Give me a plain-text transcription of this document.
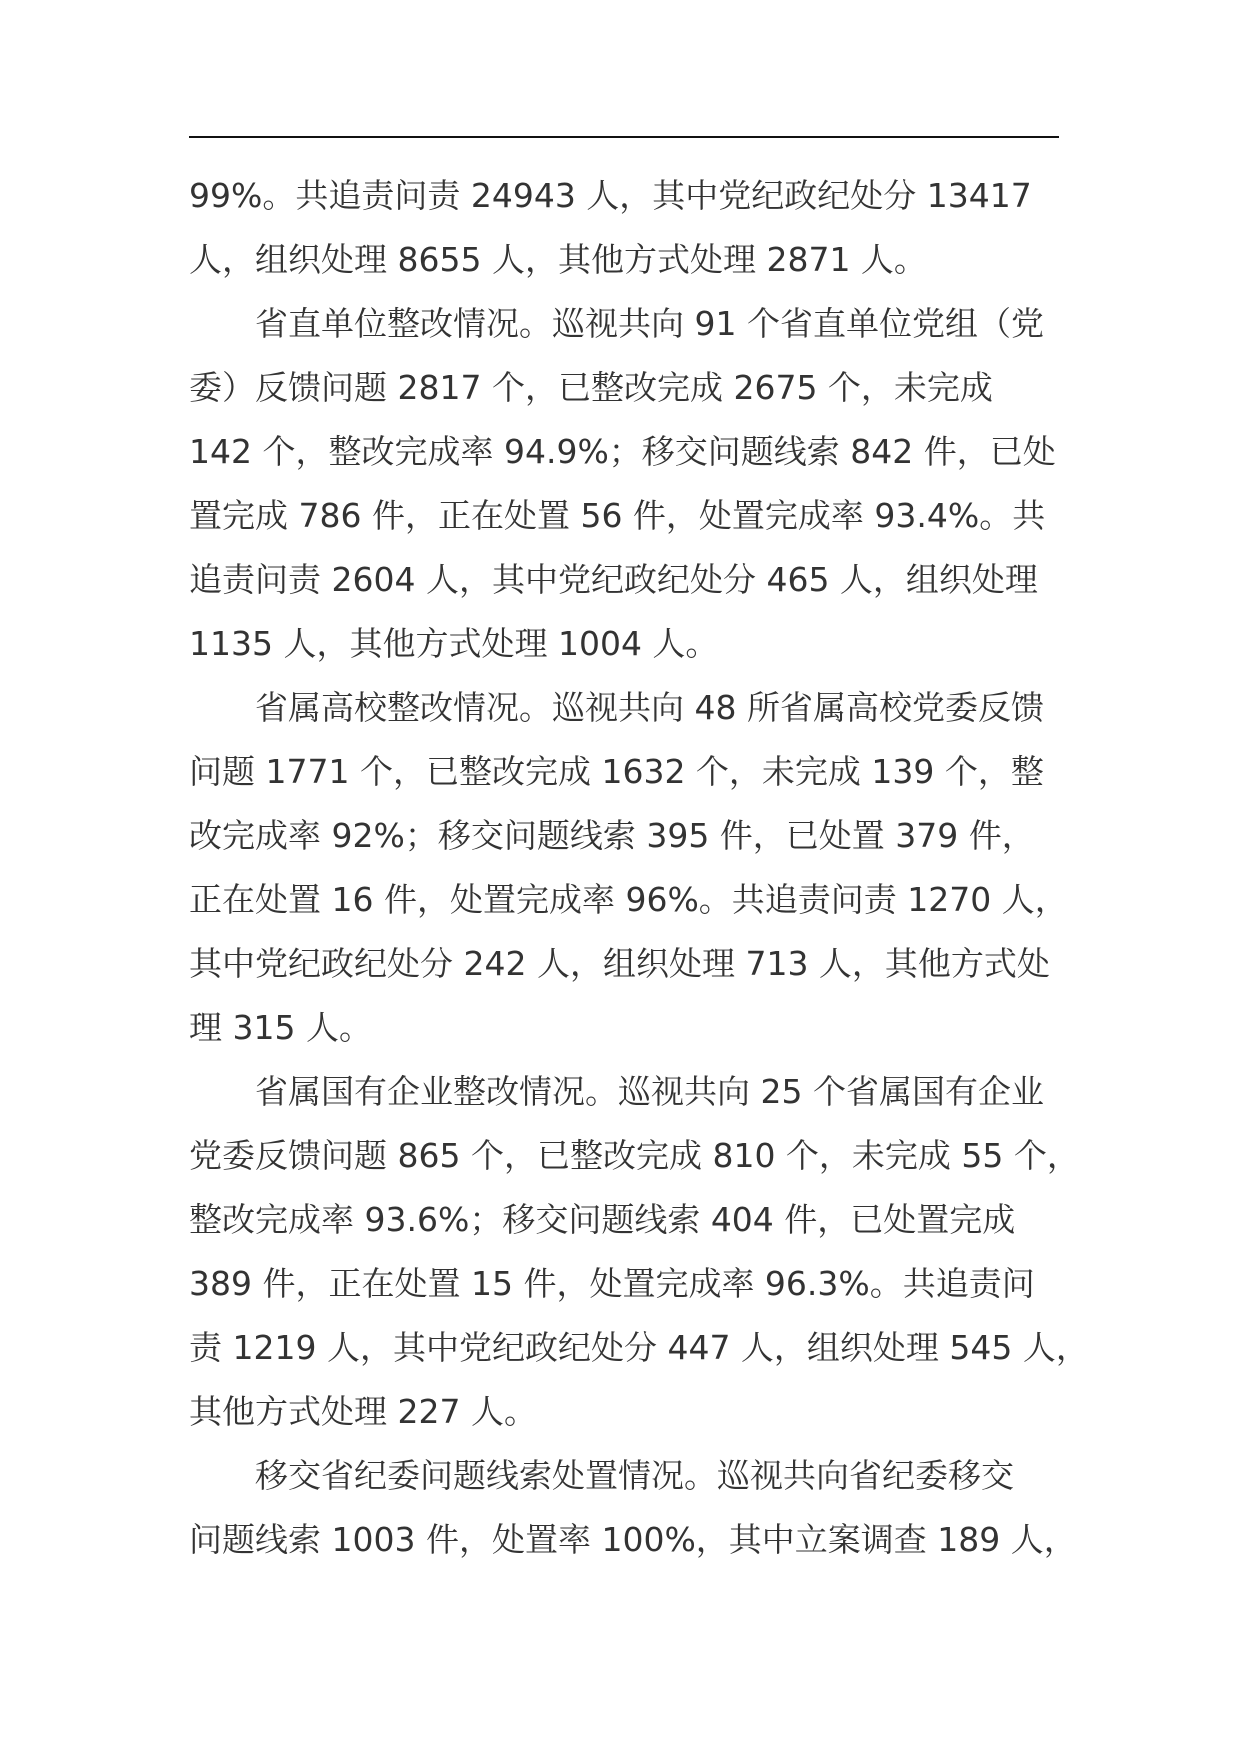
99%。共追责问责 24943 人，其中党纪政纪处分 13417
人，组织处理 8655 人，其他方式处理 2871 人。
省直单位整改情况。巡视共向 91 个省直单位党组（党
委）反馈问题 2817 个，已整改完成 2675 个，未完成
142 个，整改完成率 94.9%；移交问题线索 842 件，已处
置完成 786 件，正在处置 56 件，处置完成率 93.4%。共
追责问责 2604 人，其中党纪政纪处分 465 人，组织处理
1135 人，其他方式处理 1004 人。
省属高校整改情况。巡视共向 48 所省属高校党委反馈
问题 1771 个，已整改完成 1632 个，未完成 139 个，整
改完成率 92%；移交问题线索 395 件，已处置 379 件，
正在处置 16 件，处置完成率 96%。共追责问责 1270 人，
其中党纪政纪处分 242 人，组织处理 713 人，其他方式处
理 315 人。
省属国有企业整改情况。巡视共向 25 个省属国有企业
党委反馈问题 865 个，已整改完成 810 个，未完成 55 个，
整改完成率 93.6%；移交问题线索 404 件，已处置完成
389 件，正在处置 15 件，处置完成率 96.3%。共追责问
责 1219 人，其中党纪政纪处分 447 人，组织处理 545 人，
其他方式处理 227 人。
移交省纪委问题线索处置情况。巡视共向省纪委移交
问题线索 1003 件，处置率 100%，其中立案调查 189 人，
